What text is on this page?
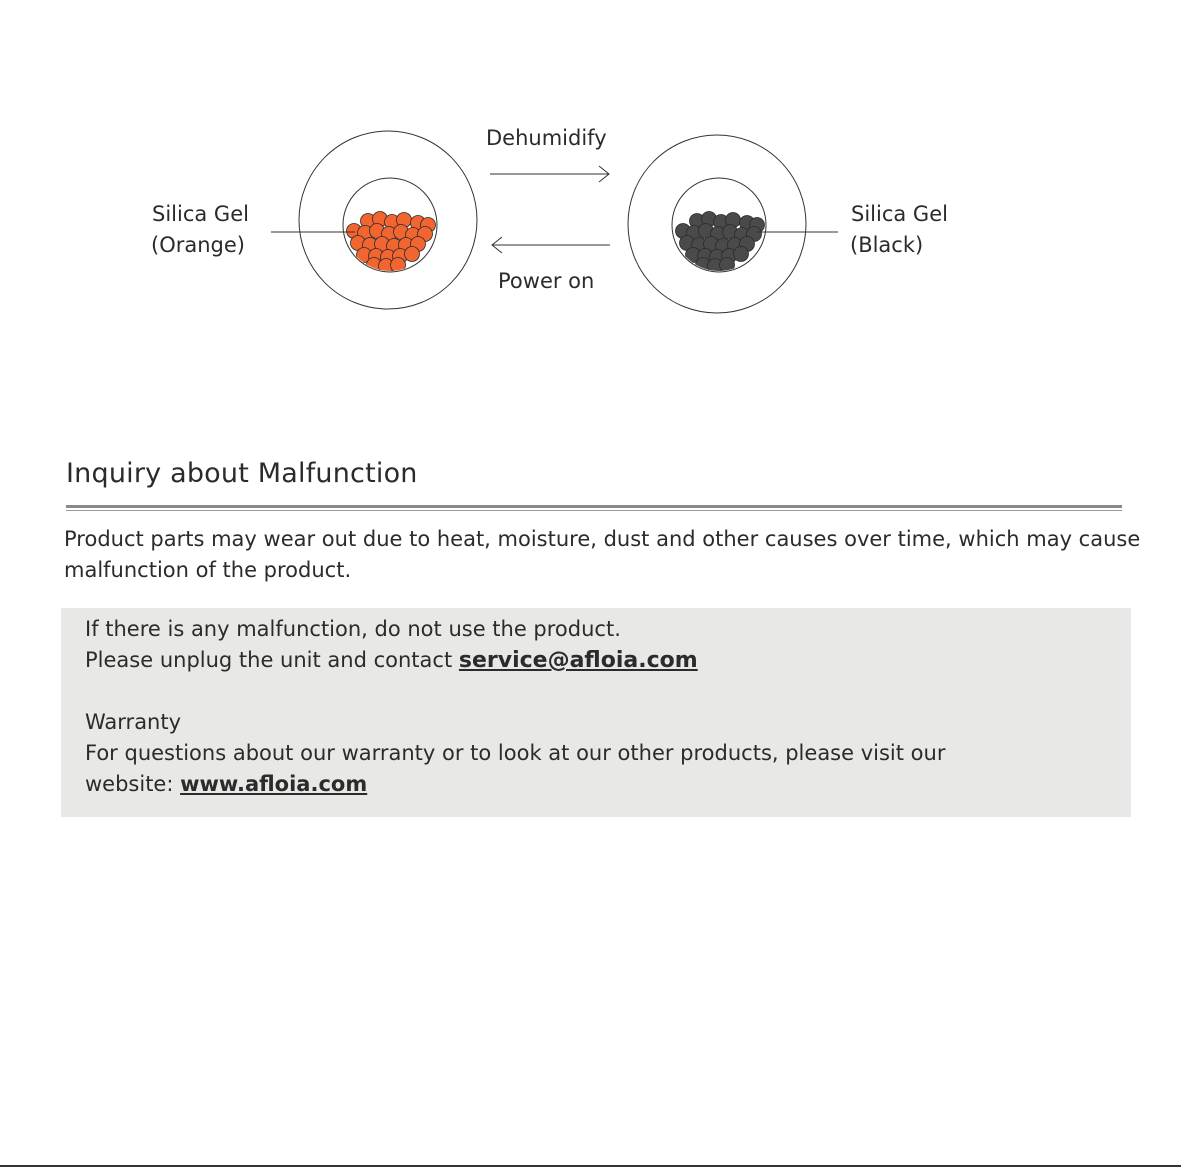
Silica Gel
(Orange)
Dehumidify
Power on
Silica Gel
(Black)
Inquiry about Malfunction

Product parts may wear out due to heat, moisture, dust and other causes over time, which may cause malfunction of the product.

If there is any malfunction, do not use the product.
Please unplug the unit and contact service@afloia.com
Warranty
For questions about our warranty or to look at our other products, please visit our
website: www.afloia.com
